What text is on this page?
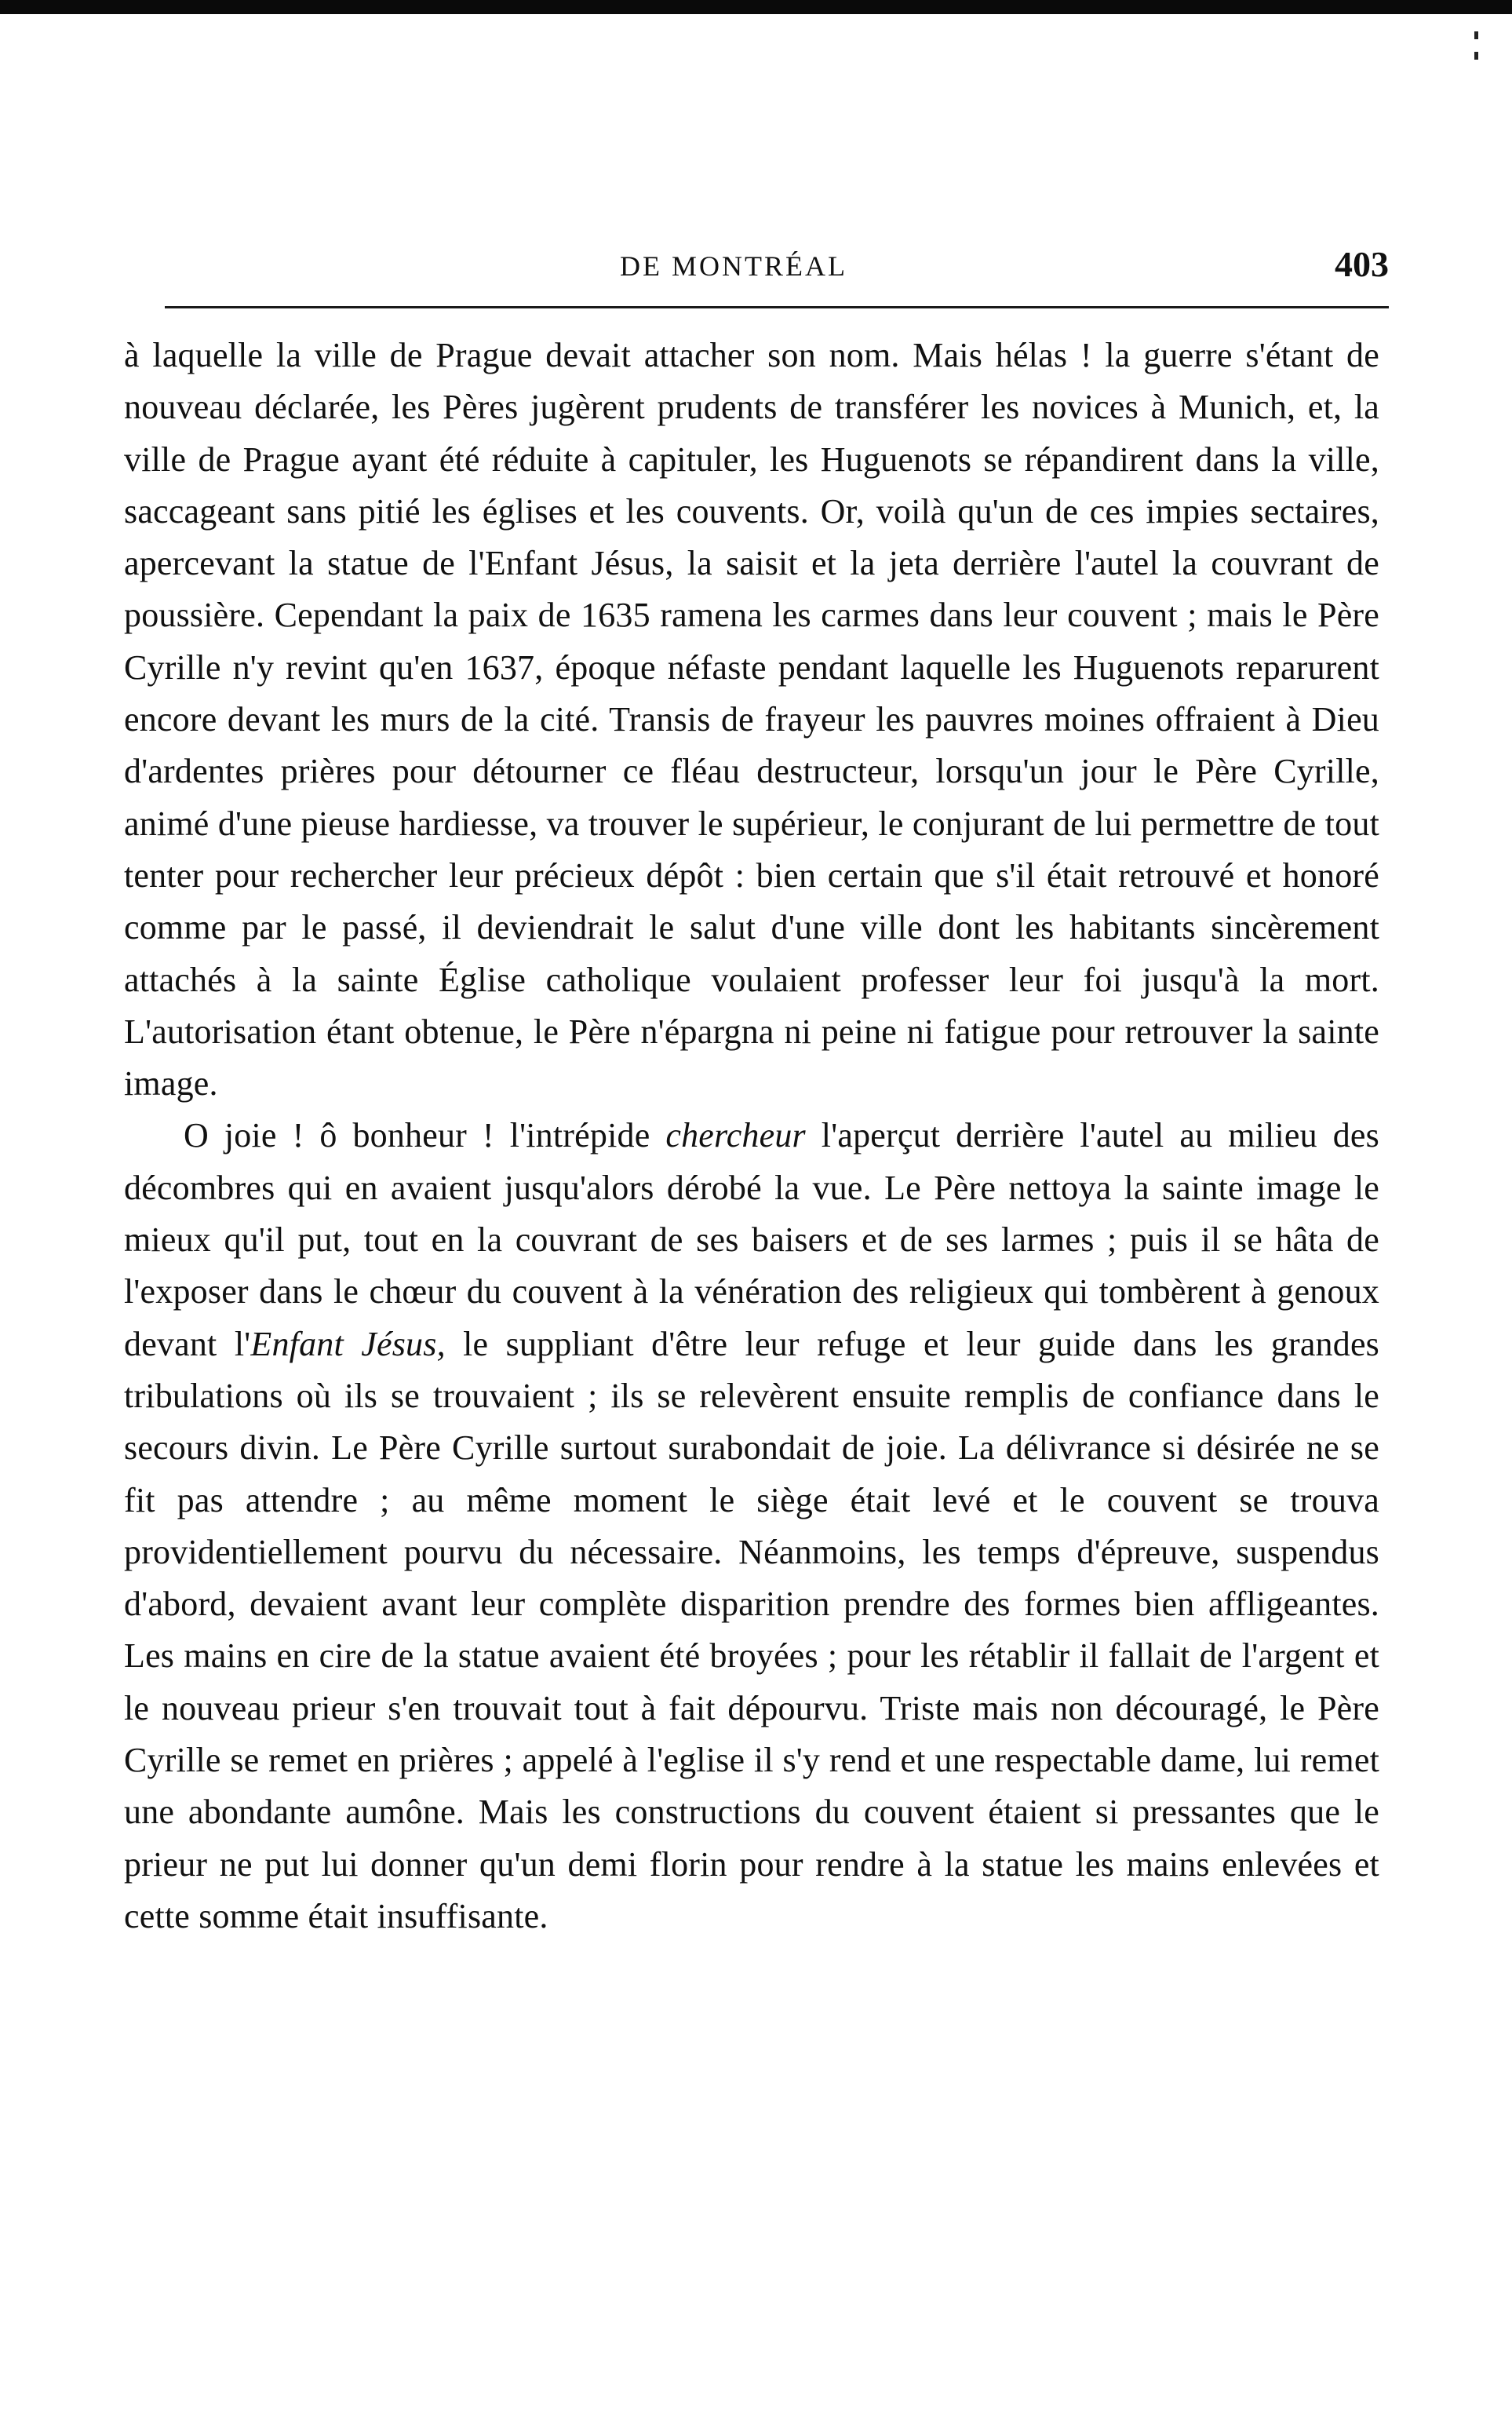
DE MONTRÉAL	403

à laquelle la ville de Prague devait attacher son nom. Mais hélas ! la guerre s'étant de nouveau déclarée, les Pères jugèrent prudents de transférer les novices à Munich, et, la ville de Prague ayant été réduite à capituler, les Huguenots se répandirent dans la ville, saccageant sans pitié les églises et les couvents. Or, voilà qu'un de ces impies sectaires, apercevant la statue de l'Enfant Jésus, la saisit et la jeta derrière l'autel la couvrant de poussière. Cependant la paix de 1635 ramena les carmes dans leur couvent ; mais le Père Cyrille n'y revint qu'en 1637, époque néfaste pendant laquelle les Huguenots reparurent encore devant les murs de la cité. Transis de frayeur les pauvres moines offraient à Dieu d'ardentes prières pour détourner ce fléau destructeur, lorsqu'un jour le Père Cyrille, animé d'une pieuse hardiesse, va trouver le supérieur, le conjurant de lui permettre de tout tenter pour rechercher leur précieux dépôt : bien certain que s'il était retrouvé et honoré comme par le passé, il deviendrait le salut d'une ville dont les habitants sincèrement attachés à la sainte Église catholique voulaient professer leur foi jusqu'à la mort. L'autorisation étant obtenue, le Père n'épargna ni peine ni fatigue pour retrouver la sainte image.

O joie ! ô bonheur ! l'intrépide chercheur l'aperçut derrière l'autel au milieu des décombres qui en avaient jusqu'alors dérobé la vue. Le Père nettoya la sainte image le mieux qu'il put, tout en la couvrant de ses baisers et de ses larmes ; puis il se hâta de l'exposer dans le chœur du couvent à la vénération des religieux qui tombèrent à genoux devant l'Enfant Jésus, le suppliant d'être leur refuge et leur guide dans les grandes tribulations où ils se trouvaient ; ils se relevèrent ensuite remplis de confiance dans le secours divin. Le Père Cyrille surtout surabondait de joie. La délivrance si désirée ne se fit pas attendre ; au même moment le siège était levé et le couvent se trouva providentiellement pourvu du nécessaire. Néanmoins, les temps d'épreuve, suspendus d'abord, devaient avant leur complète disparition prendre des formes bien affligeantes. Les mains en cire de la statue avaient été broyées ; pour les rétablir il fallait de l'argent et le nouveau prieur s'en trouvait tout à fait dépourvu. Triste mais non découragé, le Père Cyrille se remet en prières ; appelé à l'eglise il s'y rend et une respectable dame, lui remet une abondante aumône. Mais les constructions du couvent étaient si pressantes que le prieur ne put lui donner qu'un demi florin pour rendre à la statue les mains enlevées et cette somme était insuffisante.
